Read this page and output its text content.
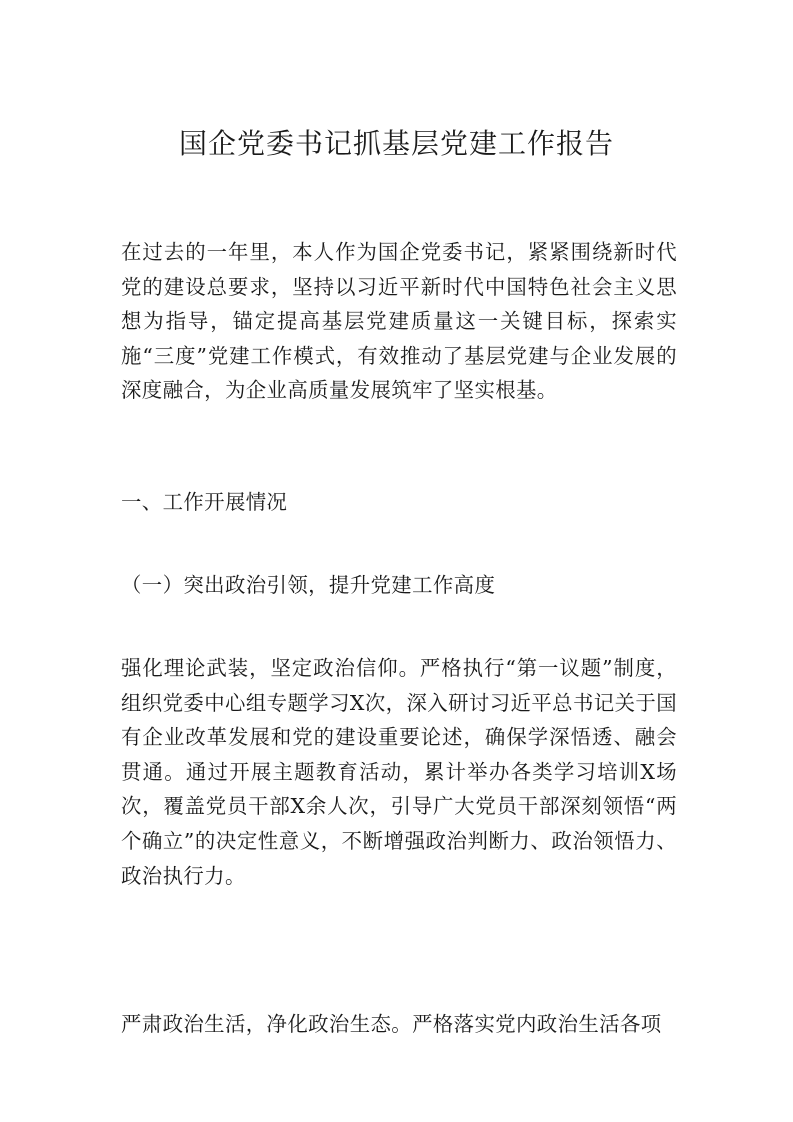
国企党委书记抓基层党建工作报告

在过去的一年里，本人作为国企党委书记，紧紧围绕新时代党的建设总要求，坚持以习近平新时代中国特色社会主义思想为指导，锚定提高基层党建质量这一关键目标，探索实施“三度”党建工作模式，有效推动了基层党建与企业发展的深度融合，为企业高质量发展筑牢了坚实根基。

一、工作开展情况

（一）突出政治引领，提升党建工作高度

强化理论武装，坚定政治信仰。严格执行“第一议题”制度，组织党委中心组专题学习X次，深入研讨习近平总书记关于国有企业改革发展和党的建设重要论述，确保学深悟透、融会贯通。通过开展主题教育活动，累计举办各类学习培训X场次，覆盖党员干部X余人次，引导广大党员干部深刻领悟“两个确立”的决定性意义，不断增强政治判断力、政治领悟力、政治执行力。

严肃政治生活，净化政治生态。严格落实党内政治生活各项
